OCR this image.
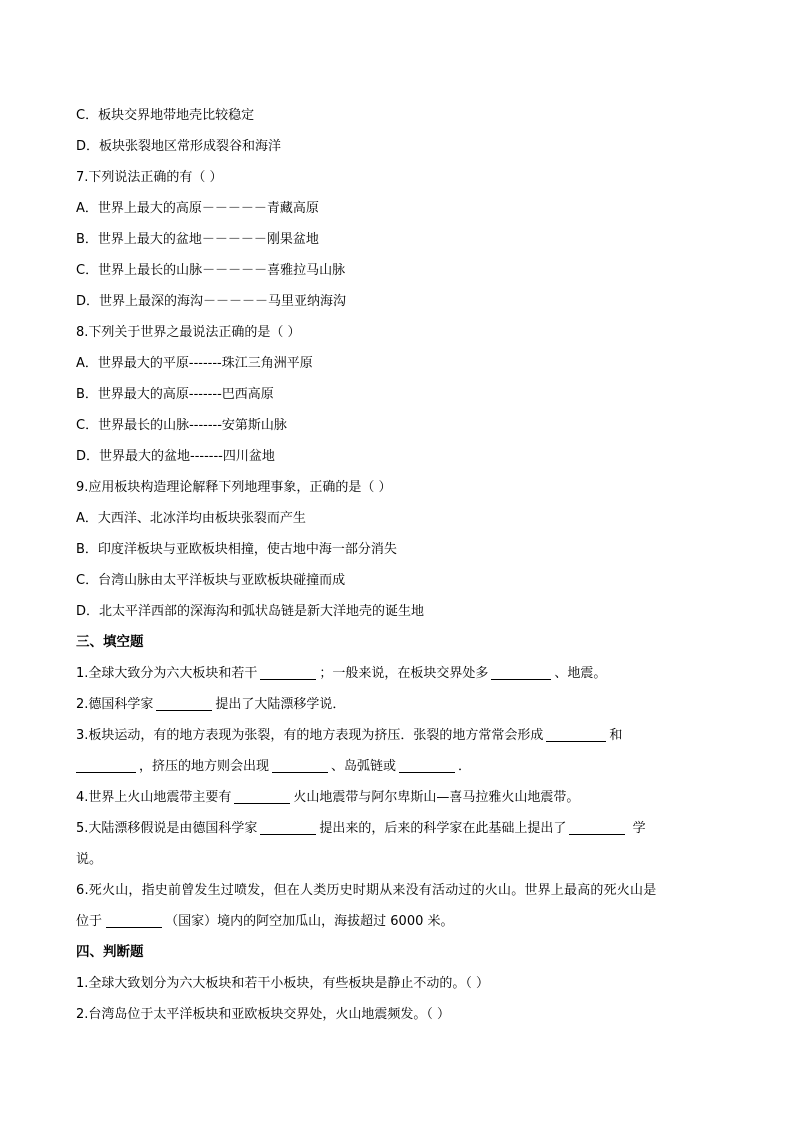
C．板块交界地带地壳比较稳定
D．板块张裂地区常形成裂谷和海洋
7.下列说法正确的有（ ）
A．世界上最大的高原－－－－－青藏高原
B．世界上最大的盆地－－－－－刚果盆地
C．世界上最长的山脉－－－－－喜雅拉马山脉
D．世界上最深的海沟－－－－－马里亚纳海沟
8.下列关于世界之最说法正确的是（ ）
A．世界最大的平原-------珠江三角洲平原
B．世界最大的高原-------巴西高原
C．世界最长的山脉-------安第斯山脉
D．世界最大的盆地-------四川盆地
9.应用板块构造理论解释下列地理事象，正确的是（ ）
A．大西洋、北冰洋均由板块张裂而产生
B．印度洋板块与亚欧板块相撞，使古地中海一部分消失
C．台湾山脉由太平洋板块与亚欧板块碰撞而成
D．北太平洋西部的深海沟和弧状岛链是新大洋地壳的诞生地
三、填空题
1.全球大致分为六大板块和若干	；一般来说，在板块交界处多	、地震。
2.德国科学家	提出了大陆漂移学说．
3.板块运动，有的地方表现为张裂，有的地方表现为挤压．张裂的地方常常会形成	和
，挤压的地方则会出现	、岛弧链或	．
4.世界上火山地震带主要有	火山地震带与阿尔卑斯山—喜马拉雅火山地震带。
5.大陆漂移假说是由德国科学家	提出来的，后来的科学家在此基础上提出了	学
说。
6.死火山，指史前曾发生过喷发，但在人类历史时期从来没有活动过的火山。世界上最高的死火山是
位于	（国家）境内的阿空加瓜山，海拔超过 6000 米。
四、判断题
1.全球大致划分为六大板块和若干小板块，有些板块是静止不动的。（ ）
2.台湾岛位于太平洋板块和亚欧板块交界处，火山地震频发。（ ）
